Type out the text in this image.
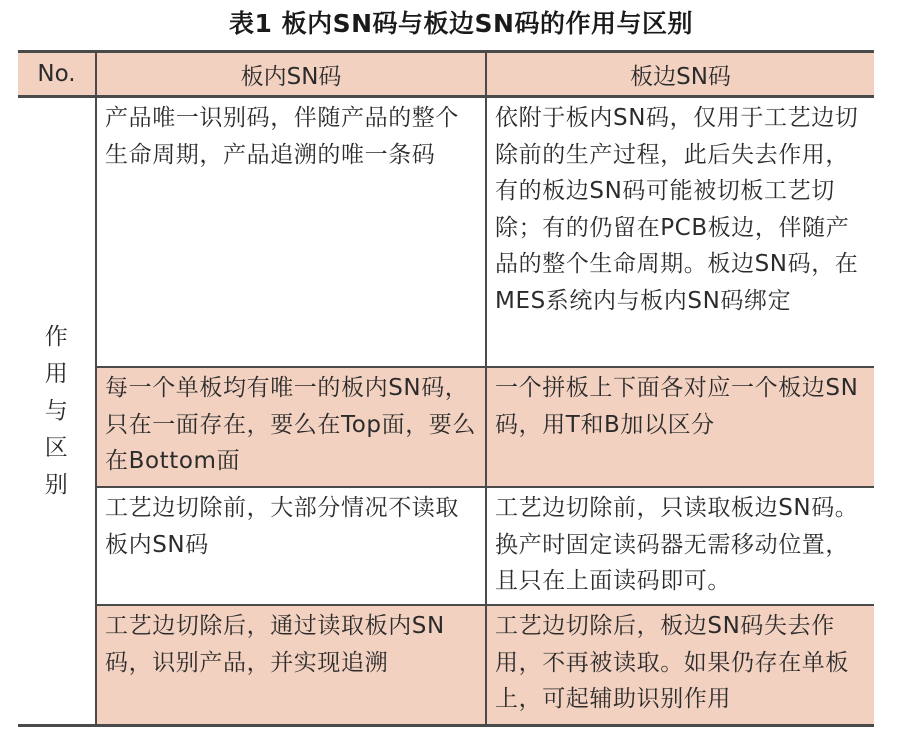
表1 板内SN码与板边SN码的作用与区别
No.	板内SN码	板边SN码
作用与区别	产品唯一识别码，伴随产品的整个生命周期，产品追溯的唯一条码	依附于板内SN码，仅用于工艺边切除前的生产过程，此后失去作用，有的板边SN码可能被切板工艺切除；有的仍留在PCB板边，伴随产品的整个生命周期。板边SN码，在MES系统内与板内SN码绑定
	每一个单板均有唯一的板内SN码，只在一面存在，要么在Top面，要么在Bottom面	一个拼板上下面各对应一个板边SN码，用T和B加以区分
	工艺边切除前，大部分情况不读取板内SN码	工艺边切除前，只读取板边SN码。换产时固定读码器无需移动位置，且只在上面读码即可。
	工艺边切除后，通过读取板内SN码，识别产品，并实现追溯	工艺边切除后，板边SN码失去作用，不再被读取。如果仍存在单板上，可起辅助识别作用
